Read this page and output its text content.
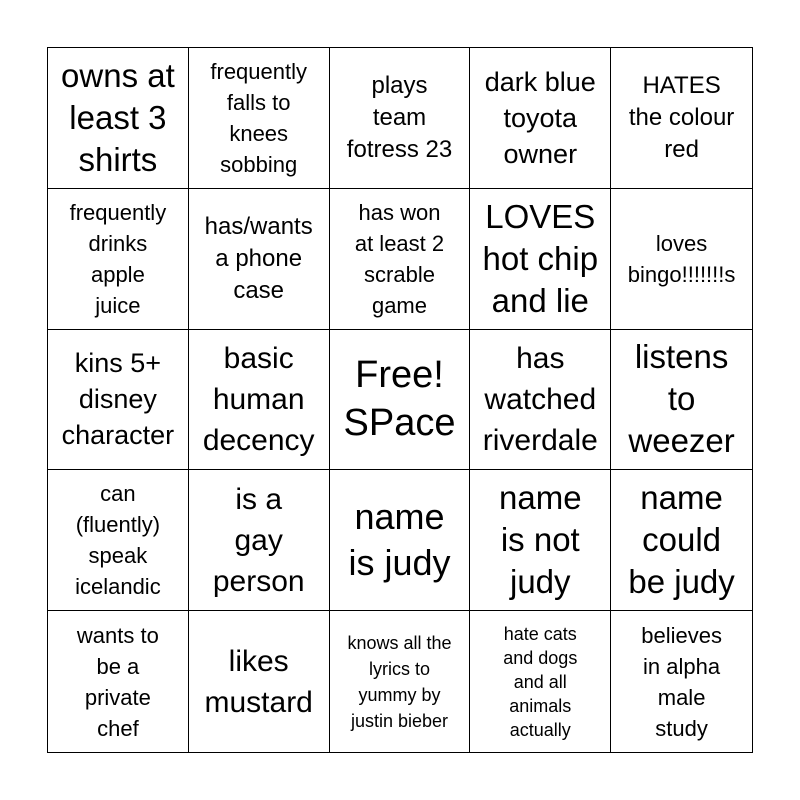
owns at
least 3
shirts
frequently
falls to
knees
sobbing
plays
team
fotress 23
dark blue
toyota
owner
HATES
the colour
red
frequently
drinks
apple
juice
has/wants
a phone
case
has won
at least 2
scrable
game
LOVES
hot chip
and lie
loves
bingo!!!!!!!s
kins 5+
disney
character
basic
human
decency
Free!
SPace
has
watched
riverdale
listens
to
weezer
can
(fluently)
speak
icelandic
is a
gay
person
name
is judy
name
is not
judy
name
could
be judy
wants to
be a
private
chef
likes
mustard
knows all the
lyrics to
yummy by
justin bieber
hate cats
and dogs
and all
animals
actually
believes
in alpha
male
study
